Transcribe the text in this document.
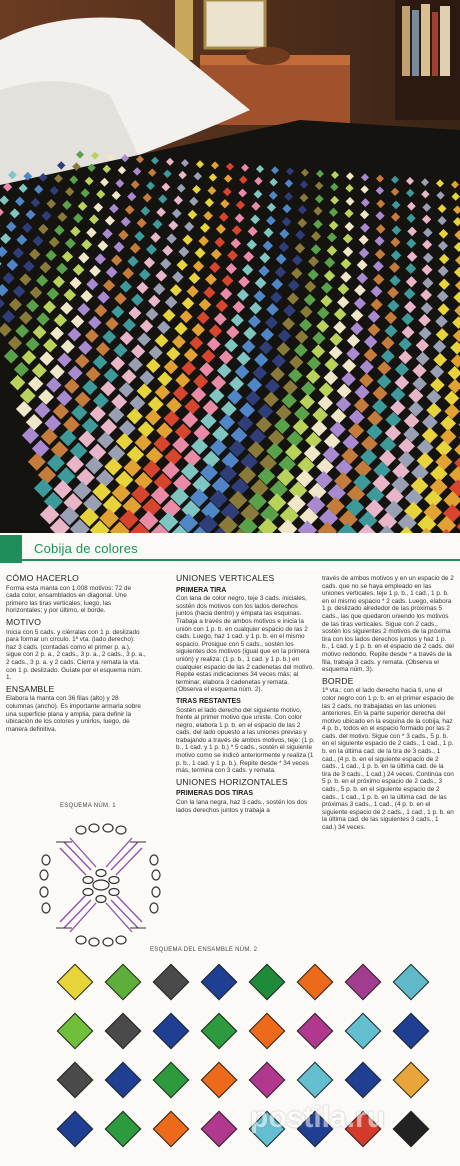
Cobija de colores
CÓMO HACERLO

Forma esta manta con 1.008 motivos: 72 de cada color, ensamblados en diagonal. Une primero las tiras verticales; luego, las horizontales; y por último, el borde.

MOTIVO

Inicia con 5 cads. y ciérralas con 1 p. deslizado para formar un círculo. 1ª vta. (lado derecho): haz 3 cads. (contadas como el primer p. a.), sigue con 2 p. a., 2 cads., 3 p. a., 2 cads., 3 p. a., 2 cads., 3 p. a. y 2 cads. Cierra y remata la vta. con 1 p. deslizado. Guíate por el esquema núm. 1.

ENSAMBLE

Elabora la manta con 36 filas (alto) y 28 columnas (ancho). Es importante armarla sobre una superficie plana y amplia, para definir la ubicación de los colores y unirlos, luego, de manera definitiva.

ESQUEMA NÚM. 1
UNIONES VERTICALES
PRIMERA TIRA

Con lana de color negro, teje 3 cads. iniciales, sostén dos motivos con los lados derechos juntos (hacia dentro) y empata las esquinas. Trabaja a través de ambos motivos e inicia la unión con 1 p. b. en cualquier espacio de las 2 cads. Luego, haz 1 cad. y 1 p. b. en el mismo espacio. Prosigue con 5 cads., sostén los siguientes dos motivos (igual que en la primera unión) y realiza: (1 p. b., 1 cad. y 1 p. b.) en cualquier espacio de las 2 cadenetas del motivo. Repite estas indicaciones 34 veces más; al terminar, elabora 3 cadenetas y remata. (Observa el esquema núm. 2).

TIRAS RESTANTES

Sostén el lado derecho del siguiente motivo, frente al primer motivo que uniste. Con color negro, elabora 1 p. b. en el espacio de las 2 cads. del lado opuesto a las uniones previas y trabajando a través de ambos motivos, teje: (1 p. b., 1 cad. y 1 p. b.) * 5 cads., sostén el siguiente motivo como se indicó anteriormente y realiza (1 p. b., 1 cad. y 1 p. b.). Repite desde * 34 veces más, termina con 3 cads. y remata.

UNIONES HORIZONTALES
PRIMERAS DOS TIRAS

Con la lana negra, haz 3 cads., sostén los dos lados derechos juntos y trabaja a

través de ambos motivos y en un espacio de 2 cads. que no se haya empleado en las uniones verticales, teje 1 p. b., 1 cad., 1 p. b. en el mismo espacio * 2 cads. Luego, elabora 1 p. deslizado alrededor de las próximas 5 cads., las que quedaron uniendo los motivos de las tiras verticales. Sigue con 2 cads., sostén los siguientes 2 motivos de la próxima tira con los lados derechos juntos y haz 1 p. b., 1 cad. y 1 p. b. en el espacio de 2 cads. del motivo redondo. Repite desde * a través de la fila, trabaja 3 cads. y remata. (Observa el esquema núm. 3).

BORDE

1ª vta.: con el lado derecho hacia ti, une el color negro con 1 p. b. en el primer espacio de las 2 cads. no trabajadas en las uniones anteriores. En la parte superior derecha del motivo ubicado en la esquina de la cobija, haz 4 p. b., todos en el espacio formado por las 2 cads. del motivo. Sigue con * 3 cads., 5 p. b. en el siguiente espacio de 2 cads., 1 cad., 1 p. b. en la última cad. de la tira de 3 cads., 1 cad., (4 p. b. en el siguiente espacio de 2 cads., 1 cad., 1 p. b. en la última cad. de la tira de 3 cads., 1 cad.) 24 veces. Continúa con 5 p. b. en el próximo espacio de 2 cads., 3 cads., 5 p. b. en el siguiente espacio de 2 cads., 1 cad., 1 p. b. en la última cad. de las próximas 3 cads., 1 cad., (4 p. b. en el siguiente espacio de 2 cads., 1 cad., 1 p. b. en la última cad. de las siguientes 3 cads., 1 cad.) 34 veces.

ESQUEMA DEL ENSAMBLE NÚM. 2
postila.ru
